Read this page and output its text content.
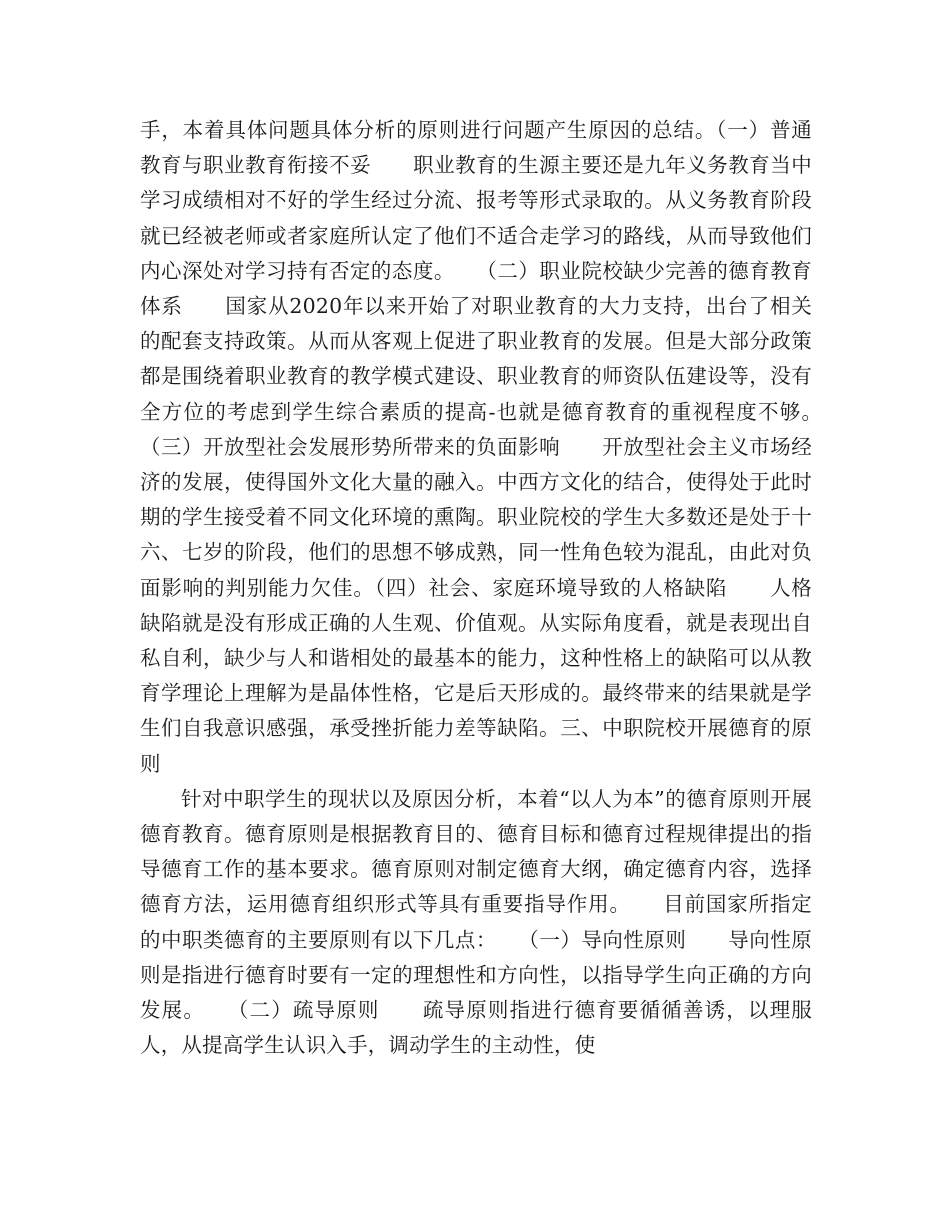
手，本着具体问题具体分析的原则进行问题产生原因的总结。（一）普通教育与职业教育衔接不妥　　职业教育的生源主要还是九年义务教育当中学习成绩相对不好的学生经过分流、报考等形式录取的。从义务教育阶段就已经被老师或者家庭所认定了他们不适合走学习的路线，从而导致他们内心深处对学习持有否定的态度。　　（二）职业院校缺少完善的德育教育体系　　国家从2020年以来开始了对职业教育的大力支持，出台了相关的配套支持政策。从而从客观上促进了职业教育的发展。但是大部分政策都是围绕着职业教育的教学模式建设、职业教育的师资队伍建设等，没有全方位的考虑到学生综合素质的提高-也就是德育教育的重视程度不够。　　（三）开放型社会发展形势所带来的负面影响　　开放型社会主义市场经济的发展，使得国外文化大量的融入。中西方文化的结合，使得处于此时期的学生接受着不同文化环境的熏陶。职业院校的学生大多数还是处于十六、七岁的阶段，他们的思想不够成熟，同一性角色较为混乱，由此对负面影响的判别能力欠佳。（四）社会、家庭环境导致的人格缺陷　　人格缺陷就是没有形成正确的人生观、价值观。从实际角度看，就是表现出自私自利，缺少与人和谐相处的最基本的能力，这种性格上的缺陷可以从教育学理论上理解为是晶体性格，它是后天形成的。最终带来的结果就是学生们自我意识感强，承受挫折能力差等缺陷。三、中职院校开展德育的原则

针对中职学生的现状以及原因分析，本着“以人为本”的德育原则开展德育教育。德育原则是根据教育目的、德育目标和德育过程规律提出的指导德育工作的基本要求。德育原则对制定德育大纲，确定德育内容，选择德育方法，运用德育组织形式等具有重要指导作用。　　目前国家所指定的中职类德育的主要原则有以下几点：　　（一）导向性原则　　导向性原则是指进行德育时要有一定的理想性和方向性，以指导学生向正确的方向发展。　　（二）疏导原则　　疏导原则指进行德育要循循善诱，以理服人，从提高学生认识入手，调动学生的主动性，使
